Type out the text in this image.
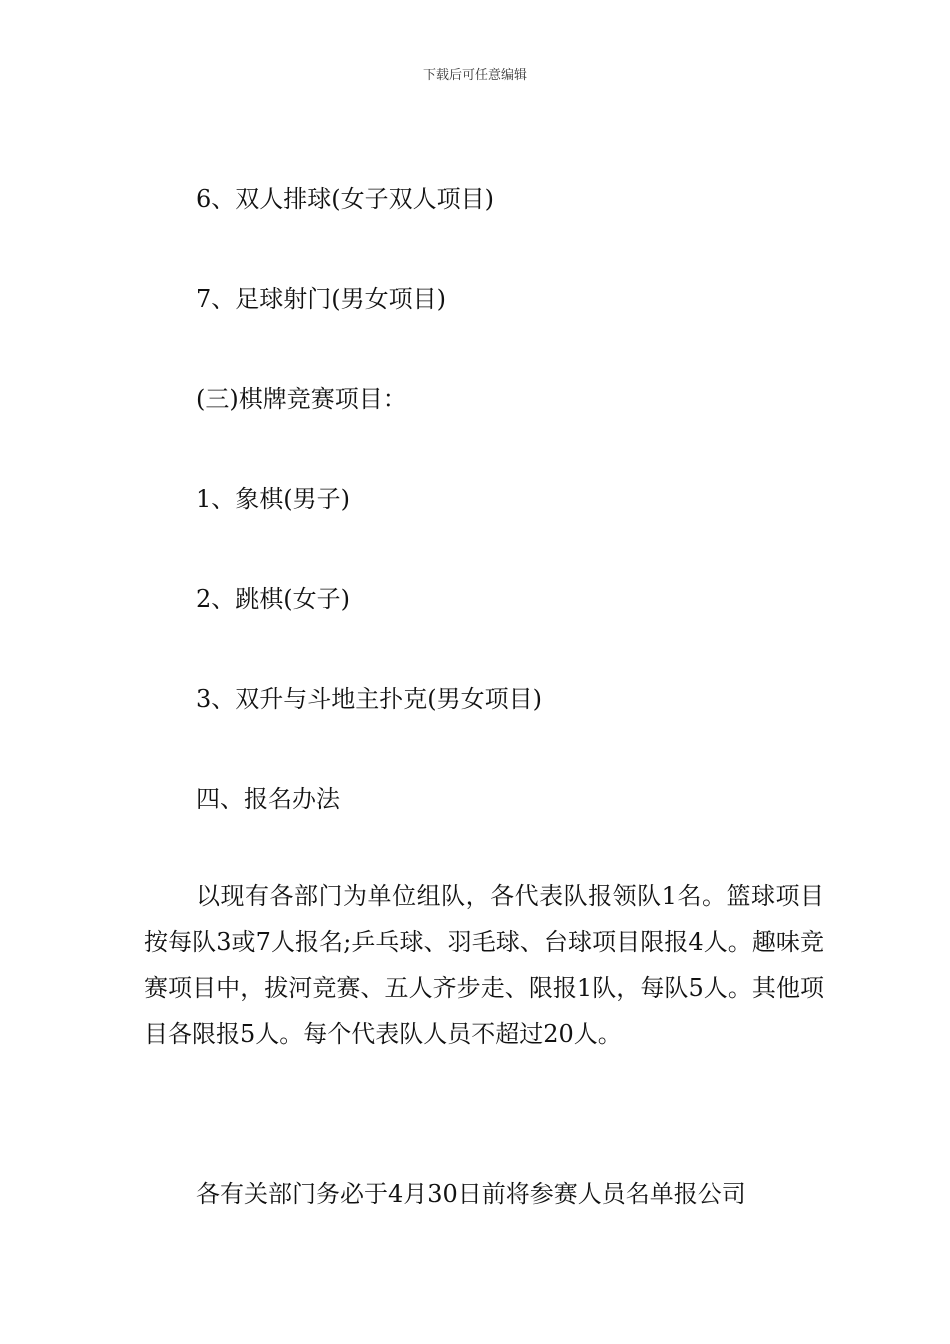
下载后可任意编辑
6、双人排球(女子双人项目)
7、足球射门(男女项目)
(三)棋牌竞赛项目：
1、象棋(男子)
2、跳棋(女子)
3、双升与斗地主扑克(男女项目)
四、报名办法
以现有各部门为单位组队，各代表队报领队1名。篮球项目按每队3或7人报名;乒乓球、羽毛球、台球项目限报4人。趣味竞赛项目中，拔河竞赛、五人齐步走、限报1队，每队5人。其他项目各限报5人。每个代表队人员不超过20人。
各有关部门务必于4月30日前将参赛人员名单报公司
